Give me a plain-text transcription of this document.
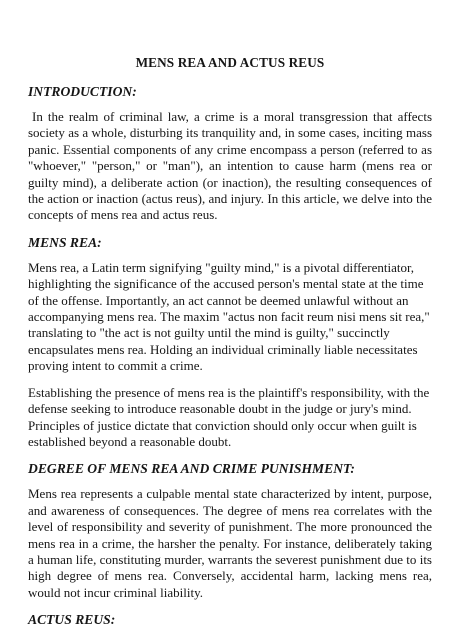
MENS REA AND ACTUS REUS
INTRODUCTION:

In the realm of criminal law, a crime is a moral transgression that affects society as a whole, disturbing its tranquility and, in some cases, inciting mass panic. Essential components of any crime encompass a person (referred to as "whoever," "person," or "man"), an intention to cause harm (mens rea or guilty mind), a deliberate action (or inaction), the resulting consequences of the action or inaction (actus reus), and injury. In this article, we delve into the concepts of mens rea and actus reus.

MENS REA:

Mens rea, a Latin term signifying "guilty mind," is a pivotal differentiator, highlighting the significance of the accused person's mental state at the time of the offense. Importantly, an act cannot be deemed unlawful without an accompanying mens rea. The maxim "actus non facit reum nisi mens sit rea," translating to "the act is not guilty until the mind is guilty," succinctly encapsulates mens rea. Holding an individual criminally liable necessitates proving intent to commit a crime.

Establishing the presence of mens rea is the plaintiff's responsibility, with the defense seeking to introduce reasonable doubt in the judge or jury's mind. Principles of justice dictate that conviction should only occur when guilt is established beyond a reasonable doubt.

DEGREE OF MENS REA AND CRIME PUNISHMENT:

Mens rea represents a culpable mental state characterized by intent, purpose, and awareness of consequences. The degree of mens rea correlates with the level of responsibility and severity of punishment. The more pronounced the mens rea in a crime, the harsher the penalty. For instance, deliberately taking a human life, constituting murder, warrants the severest punishment due to its high degree of mens rea. Conversely, accidental harm, lacking mens rea, would not incur criminal liability.

ACTUS REUS:
